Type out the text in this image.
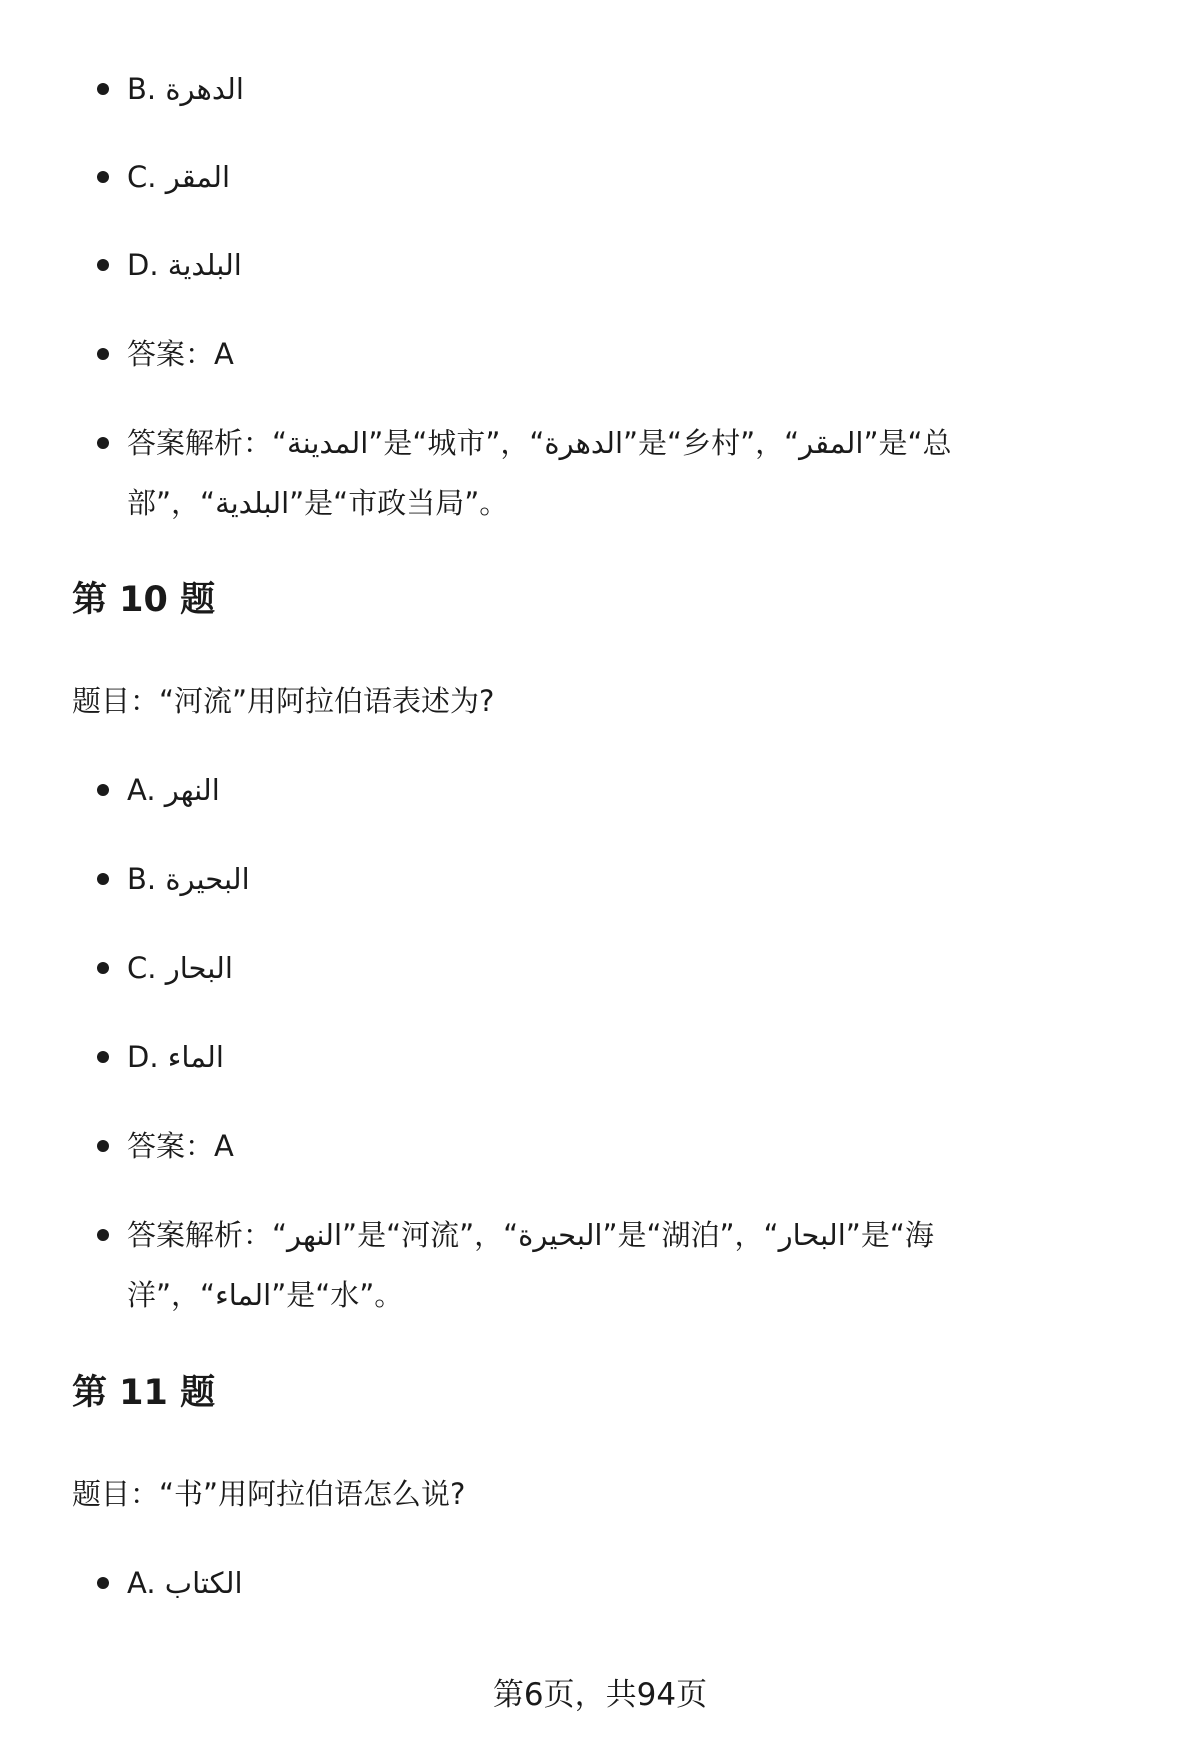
B. الدهرة
C. المقر
D. البلدية
答案：A
答案解析：“المدينة”是“城市”，“الدهرة”是“乡村”，“المقر”是“总部”，“البلدية”是“市政当局”。
第 10 题
题目：“河流”用阿拉伯语表述为?
A. النهر
B. البحيرة
C. البحار
D. الماء
答案：A
答案解析：“النهر”是“河流”，“البحيرة”是“湖泊”，“البحار”是“海洋”，“الماء”是“水”。
第 11 题
题目：“书”用阿拉伯语怎么说?
A. الكتاب
第6页，共94页
